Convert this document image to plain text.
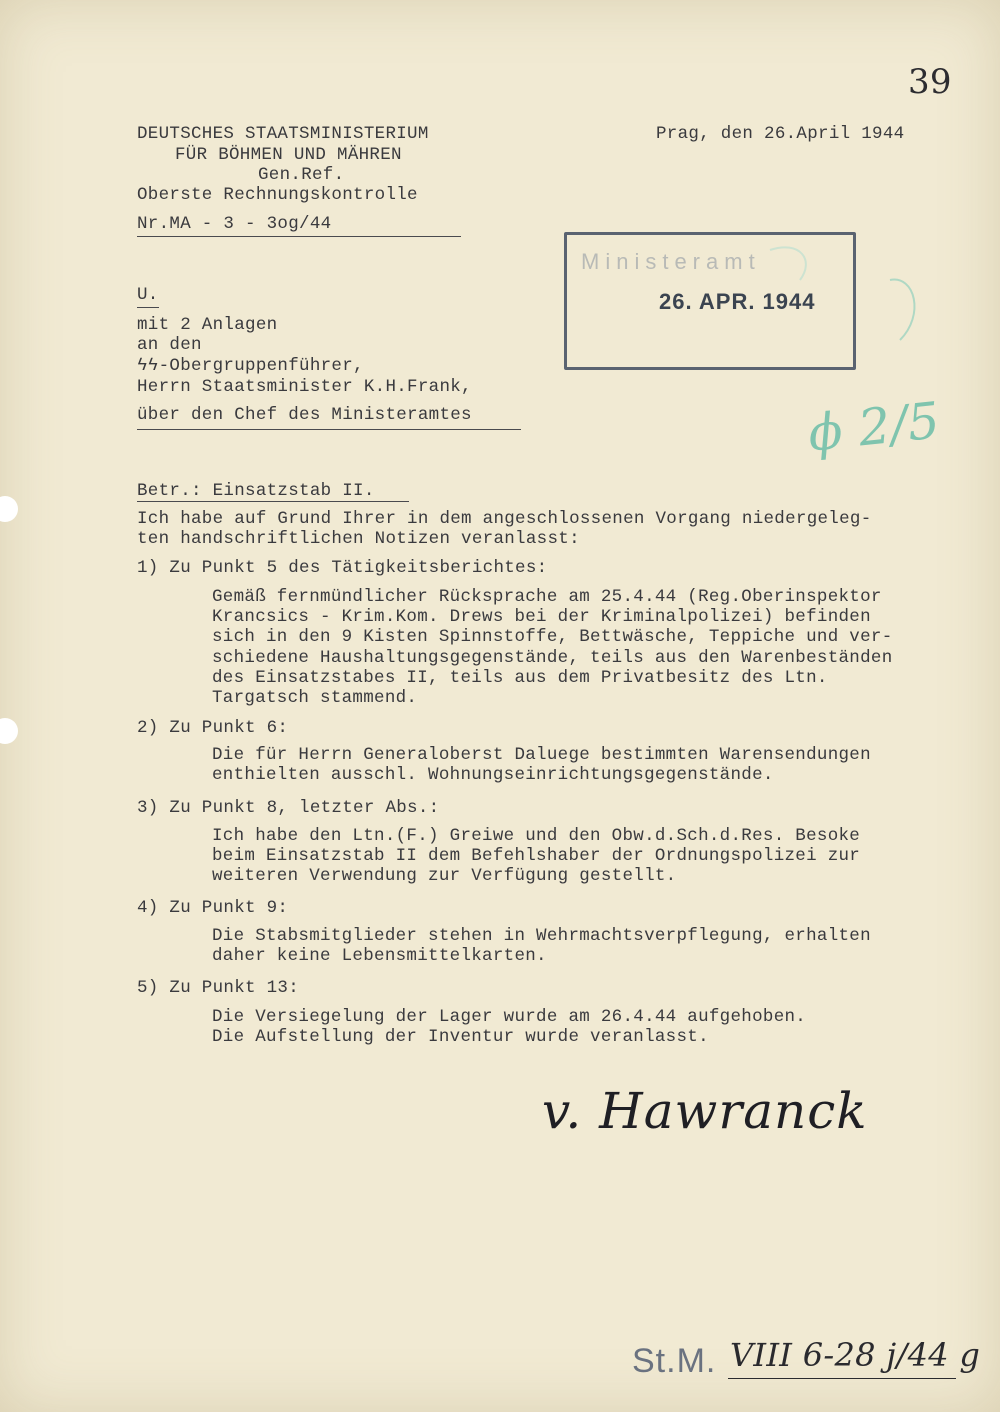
39
DEUTSCHES STAATSMINISTERIUM
FÜR BÖHMEN UND MÄHREN
Gen.Ref.
Oberste Rechnungskontrolle
Nr.MA - 3 - 3og/44
Prag, den 26.April 1944
Ministeramt
26. APR. 1944
ϕ 2/5
U.
mit 2 Anlagen
an den
ϟϟ-Obergruppenführer,
Herrn Staatsminister K.H.Frank,
über den Chef des Ministeramtes
Betr.: Einsatzstab II.
Ich habe auf Grund Ihrer in dem angeschlossenen Vorgang niedergeleg-
ten handschriftlichen Notizen veranlasst:
1) Zu Punkt 5 des Tätigkeitsberichtes:
Gemäß fernmündlicher Rücksprache am 25.4.44 (Reg.Oberinspektor
Krancsics - Krim.Kom. Drews bei der Kriminalpolizei) befinden
sich in den 9 Kisten Spinnstoffe, Bettwäsche, Teppiche und ver-
schiedene Haushaltungsgegenstände, teils aus den Warenbeständen
des Einsatzstabes II, teils aus dem Privatbesitz des Ltn.
Targatsch stammend.
2) Zu Punkt 6:
Die für Herrn Generaloberst Daluege bestimmten Warensendungen
enthielten ausschl. Wohnungseinrichtungsgegenstände.
3) Zu Punkt 8, letzter Abs.:
Ich habe den Ltn.(F.) Greiwe und den Obw.d.Sch.d.Res. Besoke
beim Einsatzstab II dem Befehlshaber der Ordnungspolizei zur
weiteren Verwendung zur Verfügung gestellt.
4) Zu Punkt 9:
Die Stabsmitglieder stehen in Wehrmachtsverpflegung, erhalten
daher keine Lebensmittelkarten.
5) Zu Punkt 13:
Die Versiegelung der Lager wurde am 26.4.44 aufgehoben.
Die Aufstellung der Inventur wurde veranlasst.
v. Hawranck
St.M. VIII 6-28 j/44 g
